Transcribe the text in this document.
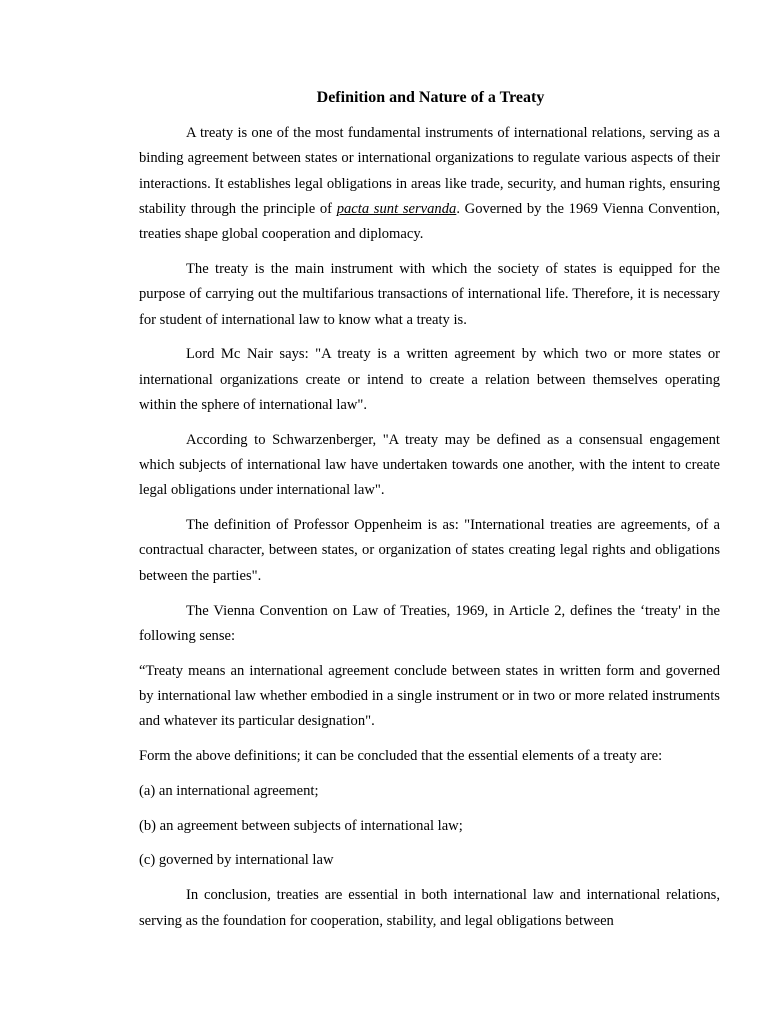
Definition and Nature of a Treaty

A treaty is one of the most fundamental instruments of international relations, serving as a binding agreement between states or international organizations to regulate various aspects of their interactions. It establishes legal obligations in areas like trade, security, and human rights, ensuring stability through the principle of pacta sunt servanda. Governed by the 1969 Vienna Convention, treaties shape global cooperation and diplomacy.

The treaty is the main instrument with which the society of states is equipped for the purpose of carrying out the multifarious transactions of international life. Therefore, it is necessary for student of international law to know what a treaty is.

Lord Mc Nair says: "A treaty is a written agreement by which two or more states or international organizations create or intend to create a relation between themselves operating within the sphere of international law".

According to Schwarzenberger, "A treaty may be defined as a consensual engagement which subjects of international law have undertaken towards one another, with the intent to create legal obligations under international law".

The definition of Professor Oppenheim is as: "International treaties are agreements, of a contractual character, between states, or organization of states creating legal rights and obligations between the parties".

The Vienna Convention on Law of Treaties, 1969, in Article 2, defines the ‘treaty' in the following sense:

“Treaty means an international agreement conclude between states in written form and governed by international law whether embodied in a single instrument or in two or more related instruments and whatever its particular designation".

Form the above definitions; it can be concluded that the essential elements of a treaty are:

(a) an international agreement;

(b) an agreement between subjects of international law;

(c) governed by international law

In conclusion, treaties are essential in both international law and international relations, serving as the foundation for cooperation, stability, and legal obligations between
